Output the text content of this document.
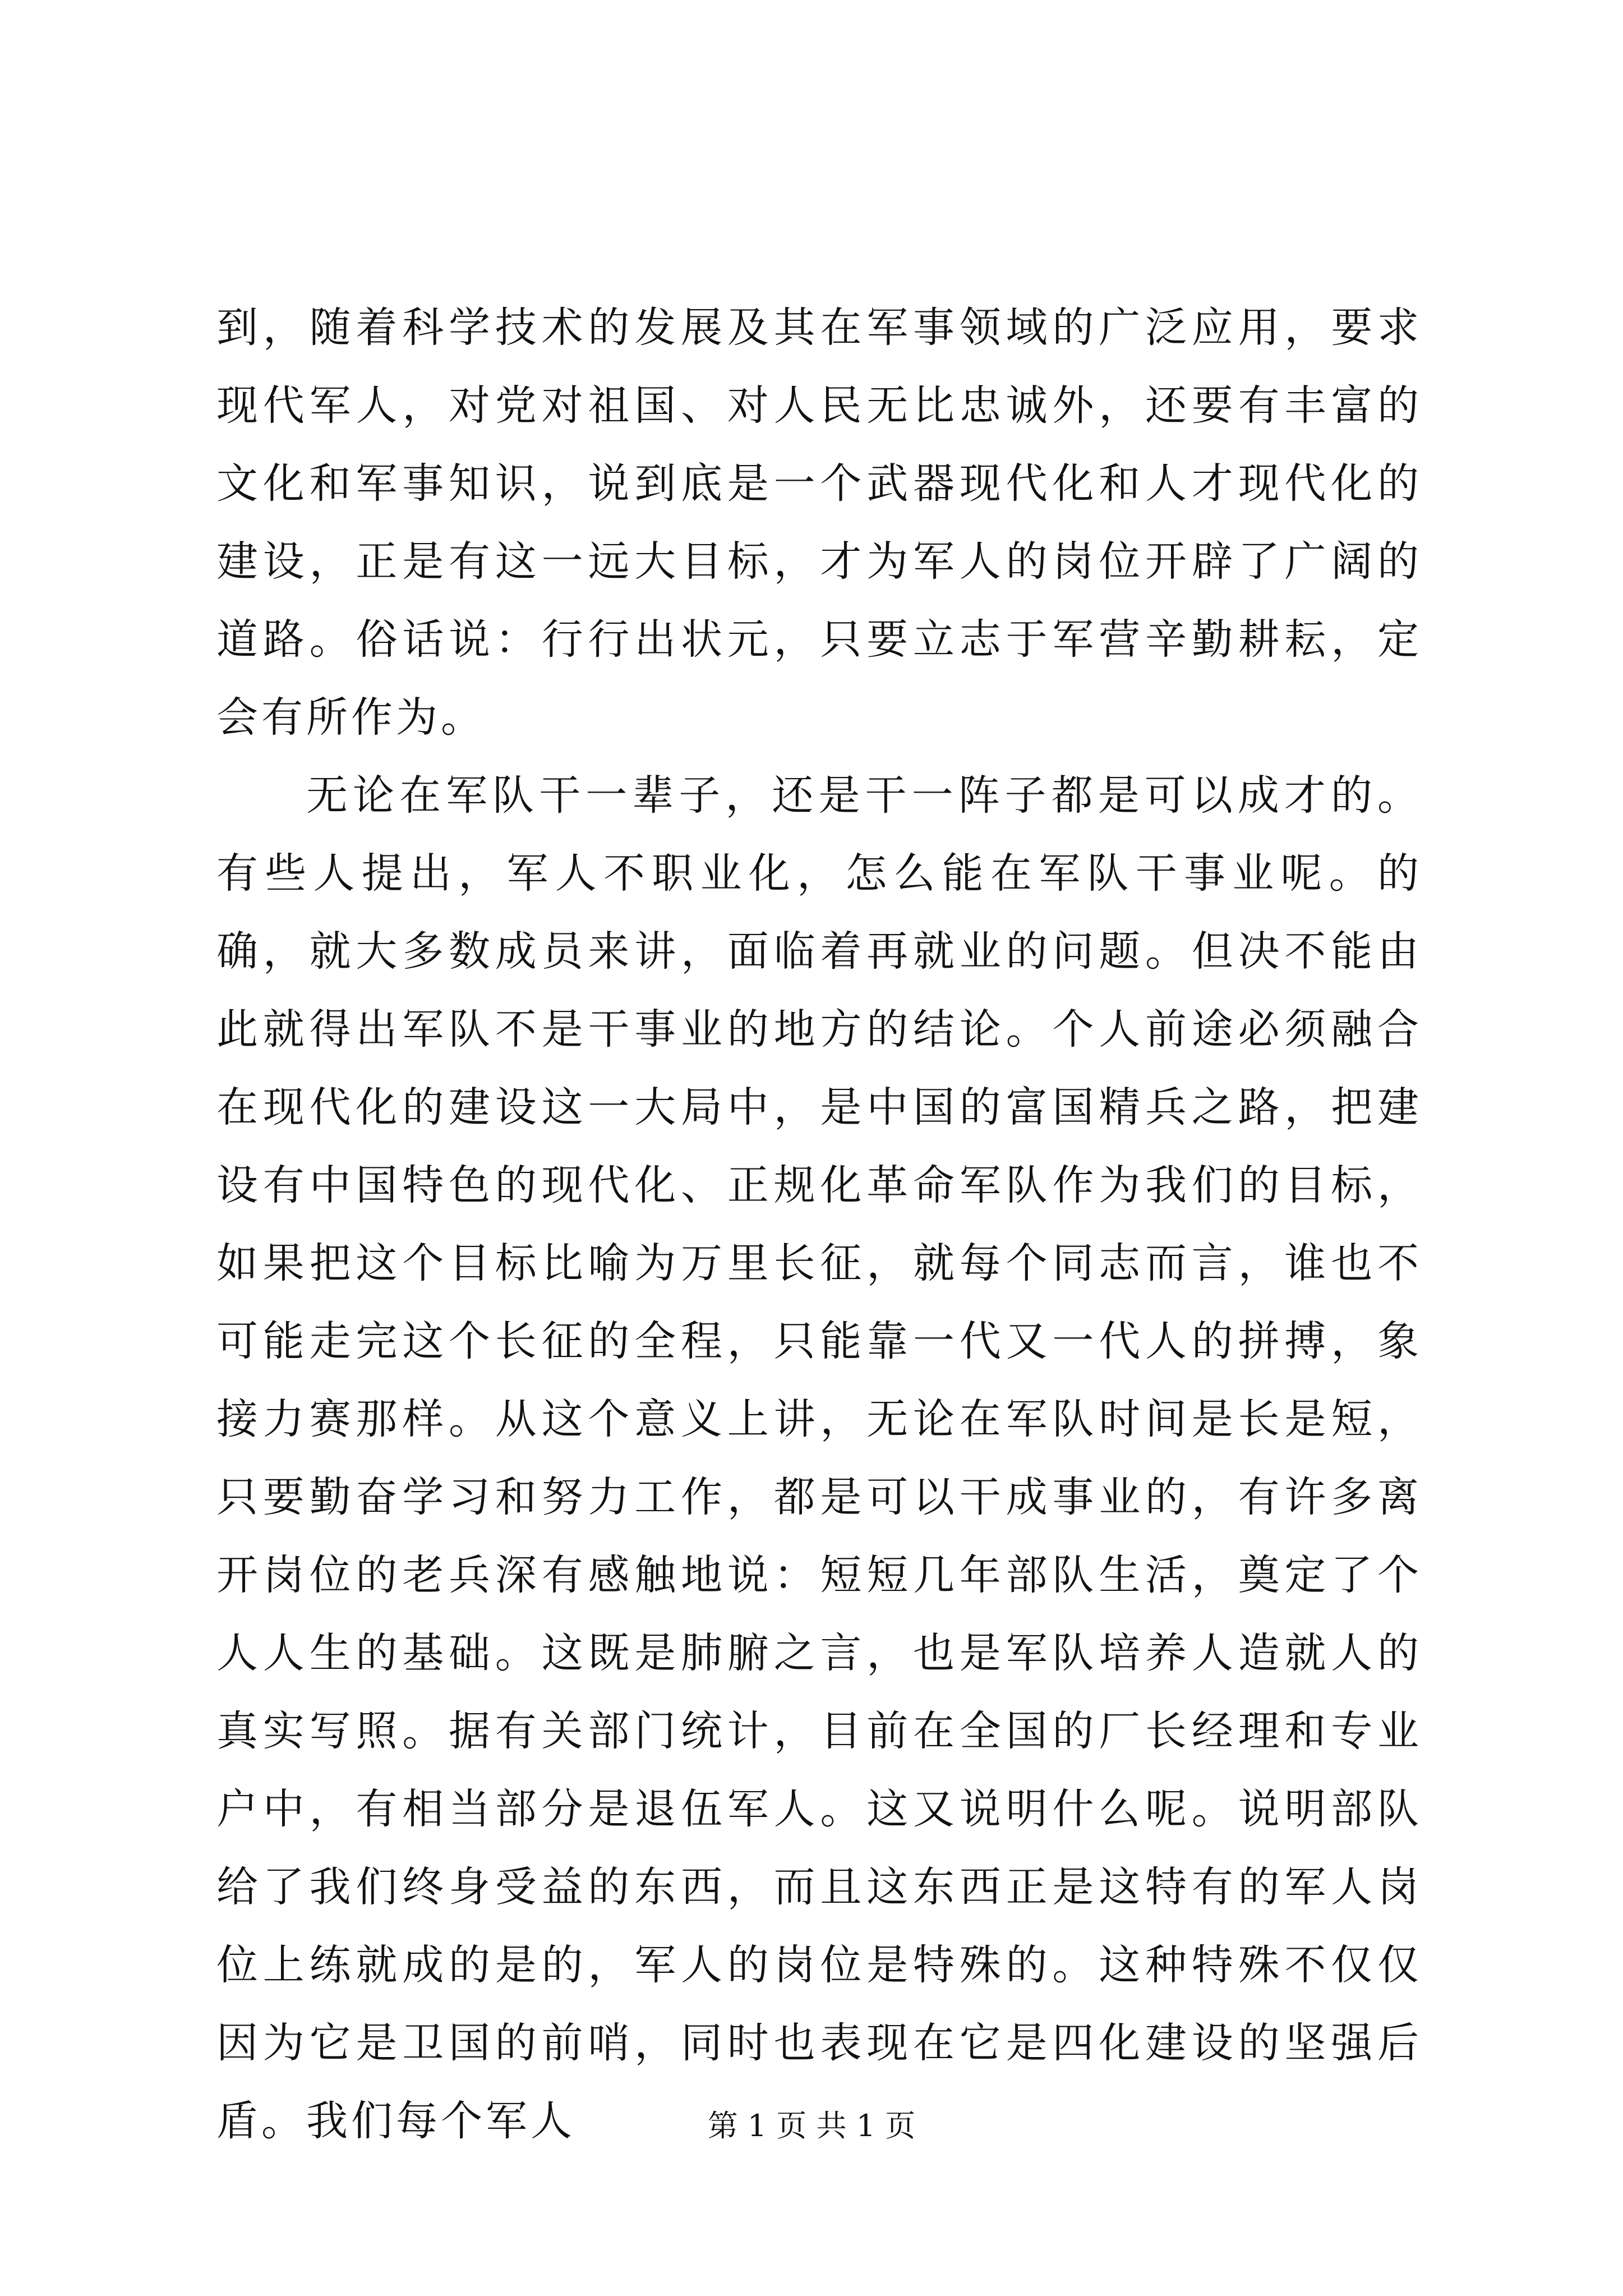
到，随着科学技术的发展及其在军事领域的广泛应用，要求现代军人，对党对祖国、对人民无比忠诚外，还要有丰富的文化和军事知识，说到底是一个武器现代化和人才现代化的建设，正是有这一远大目标，才为军人的岗位开辟了广阔的道路。俗话说：行行出状元，只要立志于军营辛勤耕耘，定会有所作为。

无论在军队干一辈子，还是干一阵子都是可以成才的。有些人提出，军人不职业化，怎么能在军队干事业呢。的确，就大多数成员来讲，面临着再就业的问题。但决不能由此就得出军队不是干事业的地方的结论。个人前途必须融合在现代化的建设这一大局中，是中国的富国精兵之路，把建设有中国特色的现代化、正规化革命军队作为我们的目标，如果把这个目标比喻为万里长征，就每个同志而言，谁也不可能走完这个长征的全程，只能靠一代又一代人的拼搏，象接力赛那样。从这个意义上讲，无论在军队时间是长是短，只要勤奋学习和努力工作，都是可以干成事业的，有许多离开岗位的老兵深有感触地说：短短几年部队生活，奠定了个人人生的基础。这既是肺腑之言，也是军队培养人造就人的真实写照。据有关部门统计，目前在全国的厂长经理和专业户中，有相当部分是退伍军人。这又说明什么呢。说明部队给了我们终身受益的东西，而且这东西正是这特有的军人岗位上练就成的是的，军人的岗位是特殊的。这种特殊不仅仅因为它是卫国的前哨，同时也表现在它是四化建设的坚强后盾。我们每个军人	第 1 页 共 1 页
